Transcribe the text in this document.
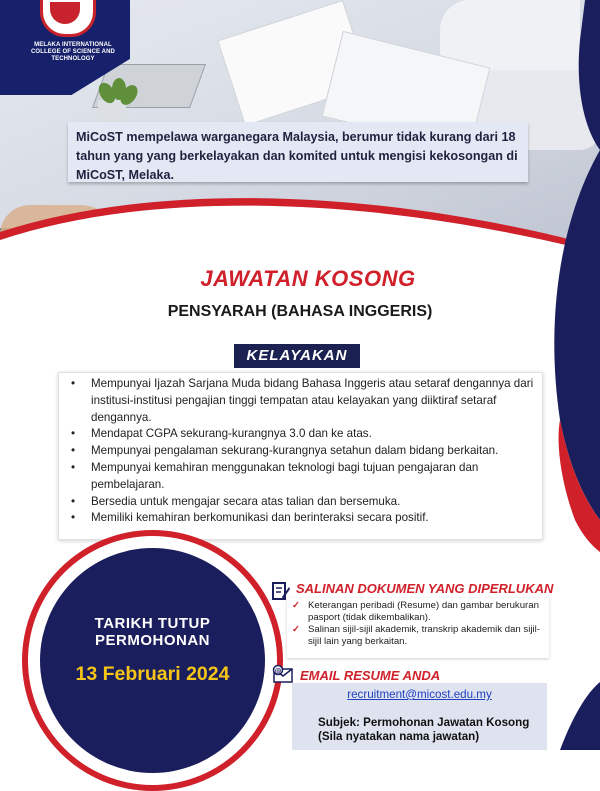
MELAKA INTERNATIONAL COLLEGE OF SCIENCE AND TECHNOLOGY
MiCoST mempelawa warganegara Malaysia, berumur tidak kurang dari 18 tahun yang yang berkelayakan dan komited untuk mengisi kekosongan di MiCoST, Melaka.
JAWATAN KOSONG
PENSYARAH (BAHASA INGGERIS)
KELAYAKAN
• Mempunyai Ijazah Sarjana Muda bidang Bahasa Inggeris atau setaraf dengannya dari institusi-institusi pengajian tinggi tempatan atau kelayakan yang diiktiraf setaraf dengannya.
• Mendapat CGPA sekurang-kurangnya 3.0 dan ke atas.
• Mempunyai pengalaman sekurang-kurangnya setahun dalam bidang berkaitan.
• Mempunyai kemahiran menggunakan teknologi bagi tujuan pengajaran dan pembelajaran.
• Bersedia untuk mengajar secara atas talian dan bersemuka.
• Memiliki kemahiran berkomunikasi dan berinteraksi secara positif.
TARIKH TUTUP
PERMOHONAN
13 Februari 2024
SALINAN DOKUMEN YANG DIPERLUKAN
✓ Keterangan peribadi (Resume) dan gambar berukuran pasport (tidak dikembalikan).
✓ Salinan sijil-sijil akademik, transkrip akademik dan sijil-sijil lain yang berkaitan.
@ EMAIL RESUME ANDA
recruitment@micost.edu.my
Subjek: Permohonan Jawatan Kosong
(Sila nyatakan nama jawatan)
